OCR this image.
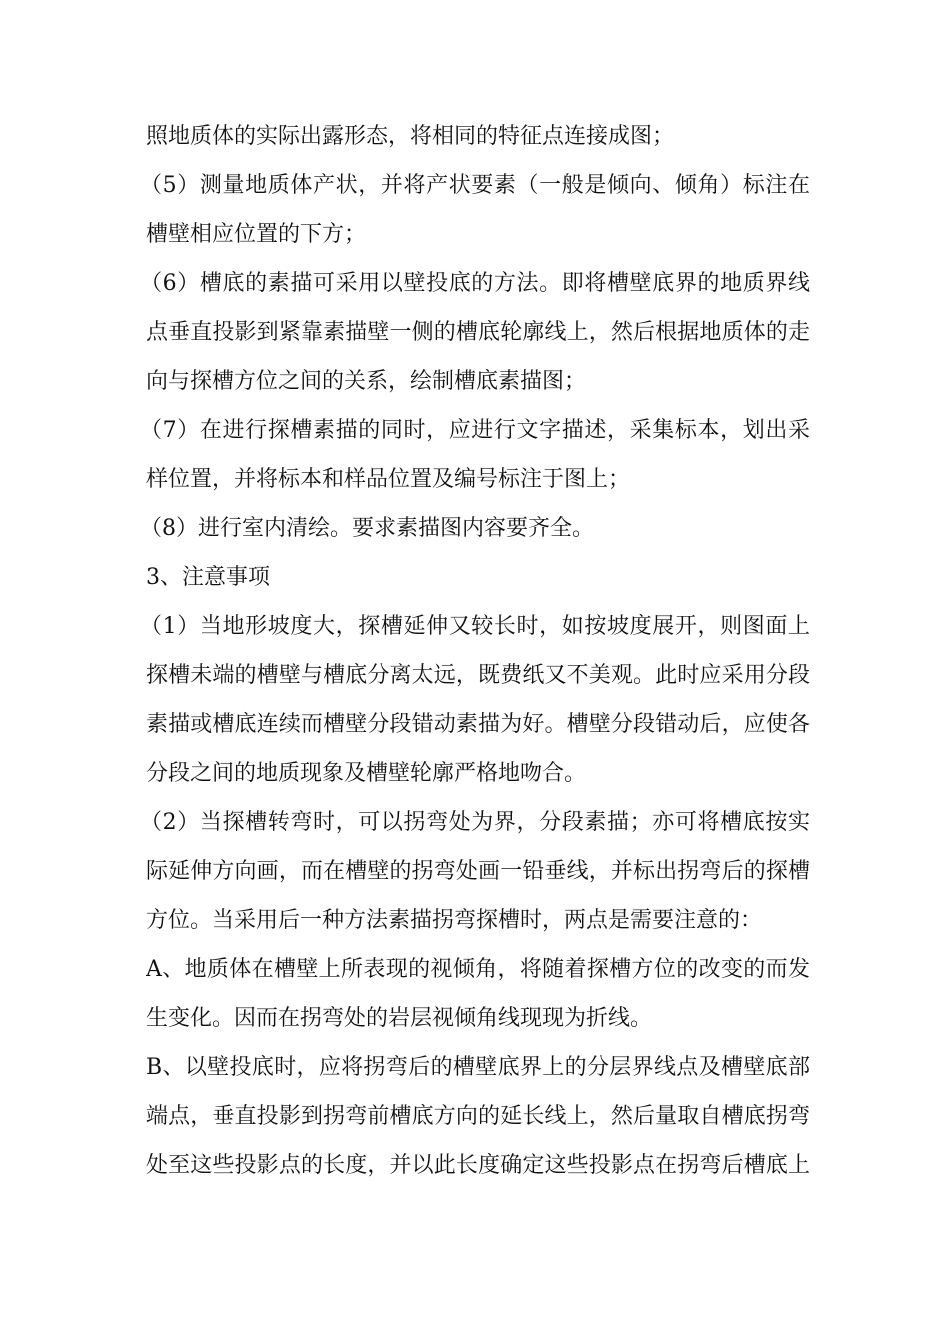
照地质体的实际出露形态，将相同的特征点连接成图；
（5）测量地质体产状，并将产状要素（一般是倾向、倾角）标注在
槽壁相应位置的下方；
（6）槽底的素描可采用以壁投底的方法。即将槽壁底界的地质界线
点垂直投影到紧靠素描壁一侧的槽底轮廓线上，然后根据地质体的走
向与探槽方位之间的关系，绘制槽底素描图；
（7）在进行探槽素描的同时，应进行文字描述，采集标本，划出采
样位置，并将标本和样品位置及编号标注于图上；
（8）进行室内清绘。要求素描图内容要齐全。
3、注意事项
（1）当地形坡度大，探槽延伸又较长时，如按坡度展开，则图面上
探槽未端的槽壁与槽底分离太远，既费纸又不美观。此时应采用分段
素描或槽底连续而槽壁分段错动素描为好。槽壁分段错动后，应使各
分段之间的地质现象及槽壁轮廓严格地吻合。
（2）当探槽转弯时，可以拐弯处为界，分段素描；亦可将槽底按实
际延伸方向画，而在槽壁的拐弯处画一铅垂线，并标出拐弯后的探槽
方位。当采用后一种方法素描拐弯探槽时，两点是需要注意的：
A、地质体在槽壁上所表现的视倾角，将随着探槽方位的改变的而发
生变化。因而在拐弯处的岩层视倾角线现现为折线。
B、以壁投底时，应将拐弯后的槽壁底界上的分层界线点及槽壁底部
端点，垂直投影到拐弯前槽底方向的延长线上，然后量取自槽底拐弯
处至这些投影点的长度，并以此长度确定这些投影点在拐弯后槽底上
